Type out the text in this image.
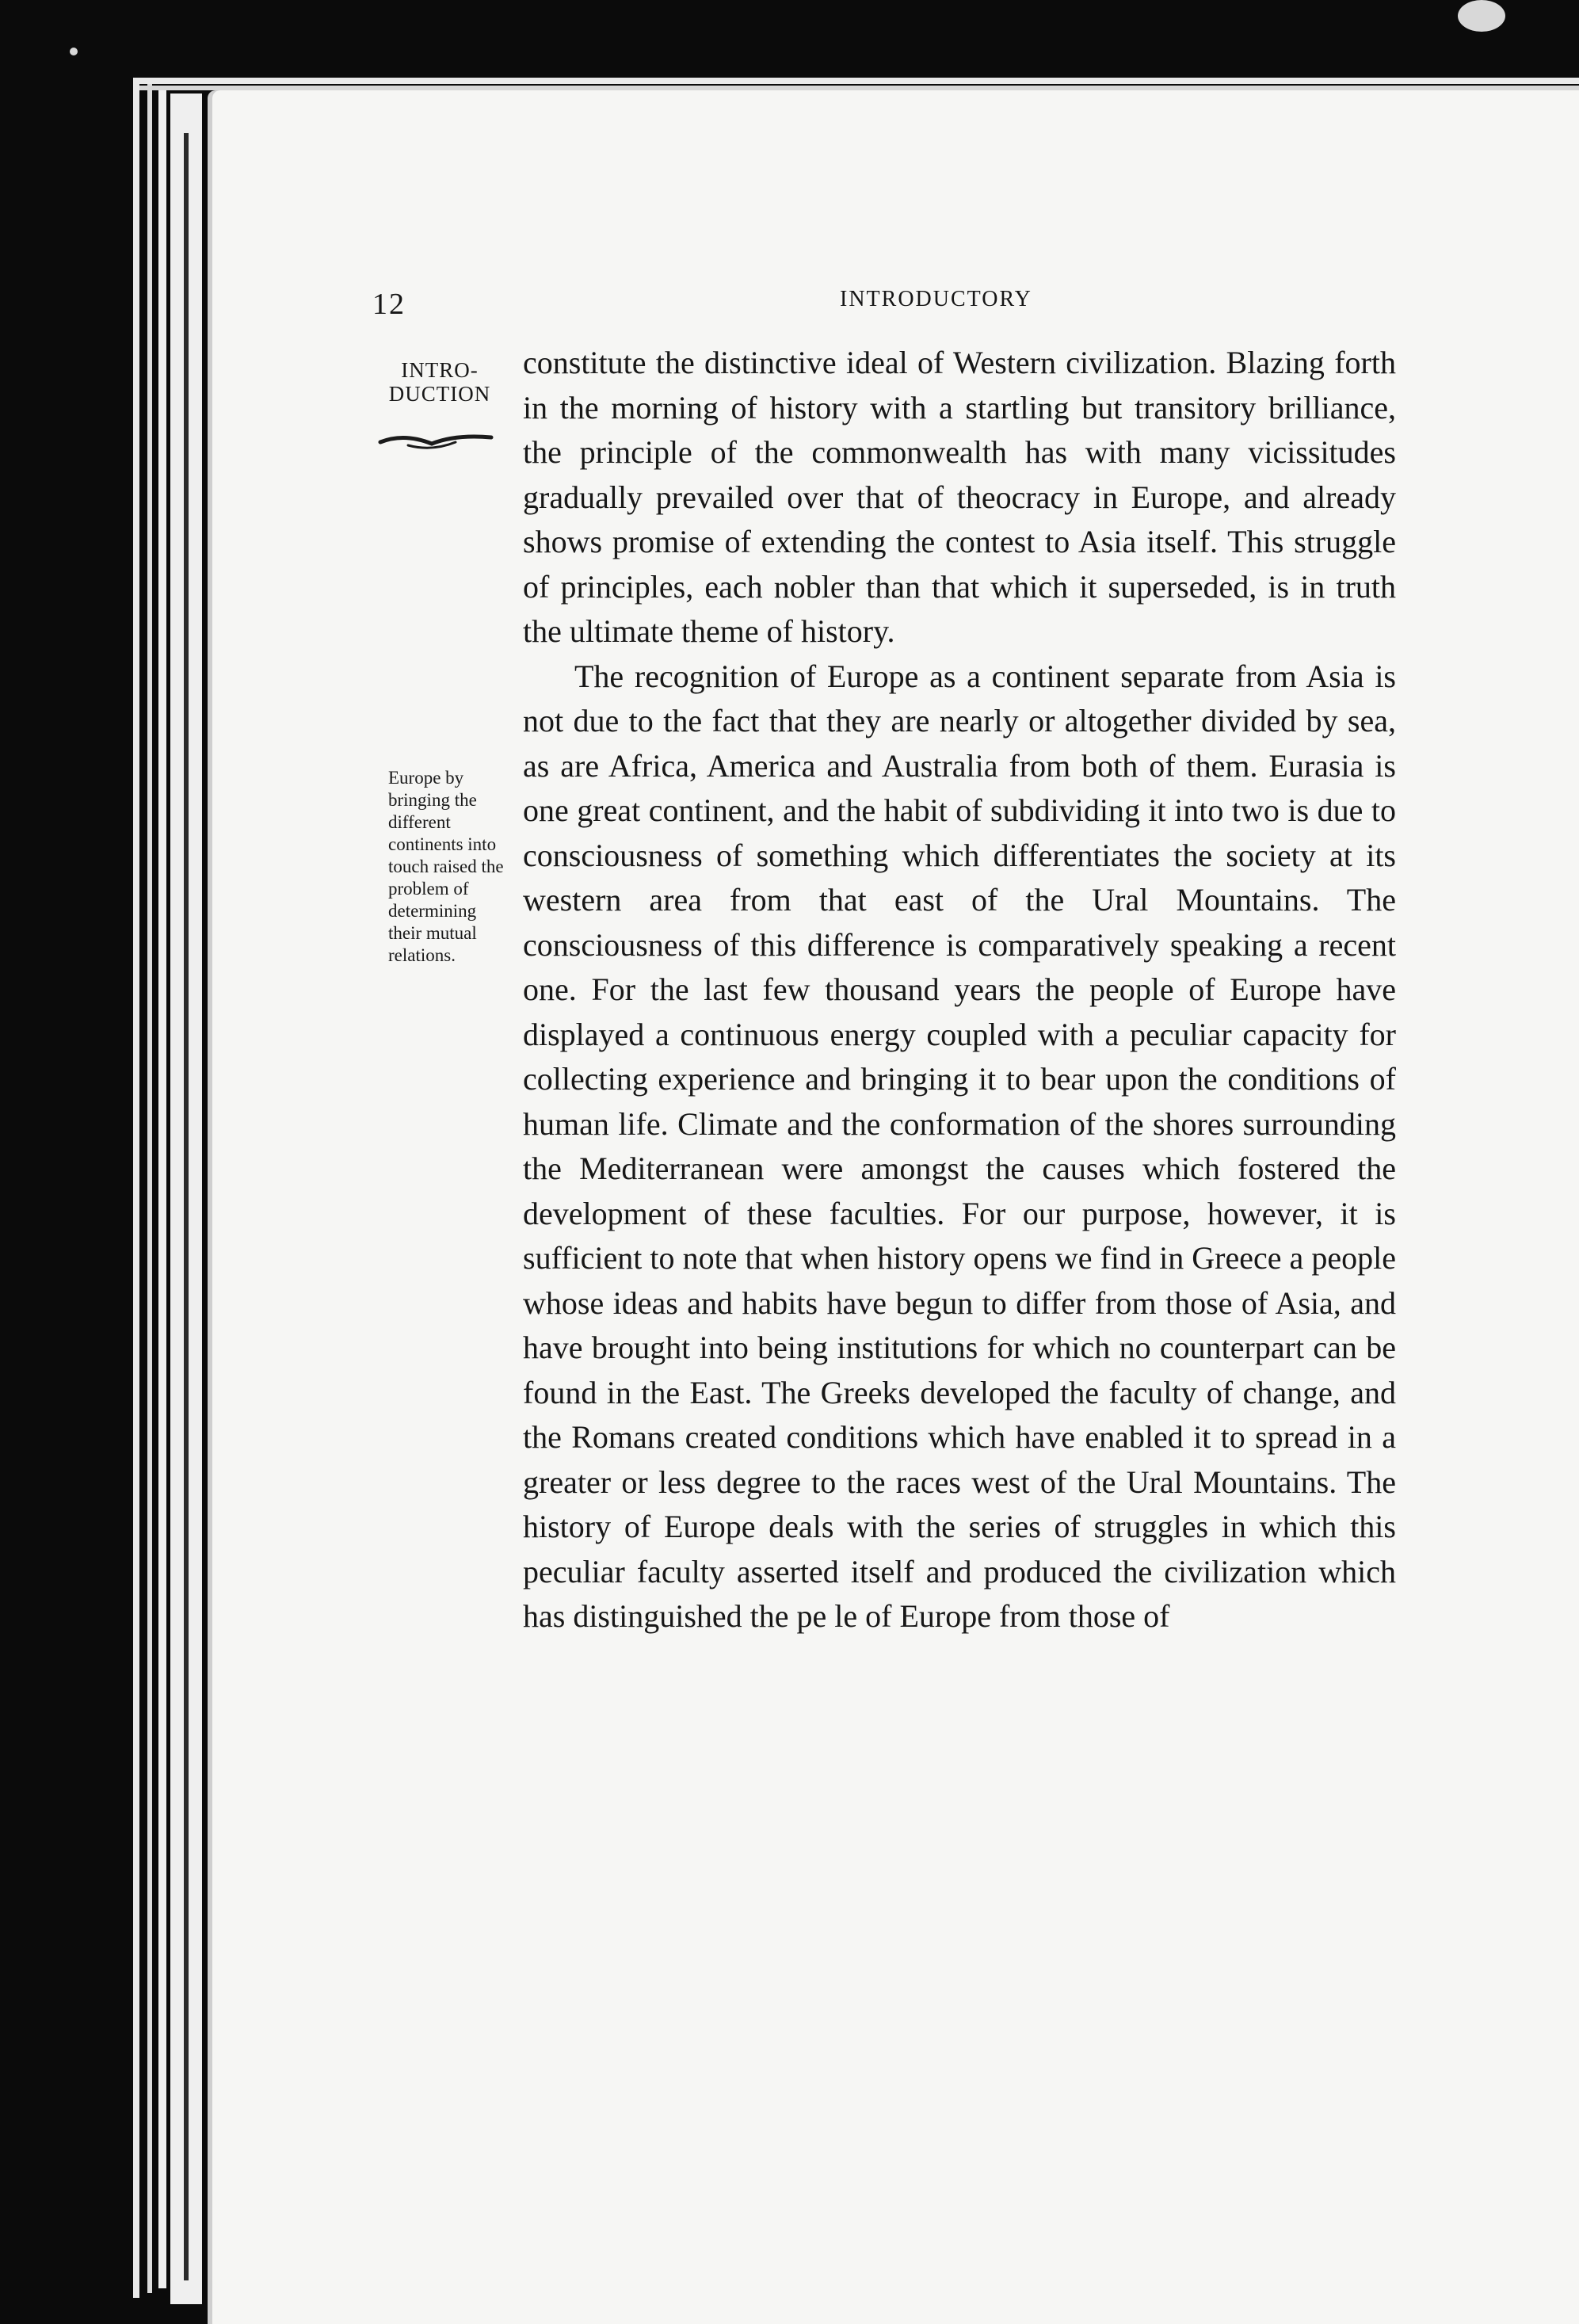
12	INTRODUCTORY
INTRO-
DUCTION
Europe by bringing the different continents into touch raised the problem of determining their mutual relations.

constitute the distinctive ideal of Western civilization. Blazing forth in the morning of history with a startling but transitory brilliance, the principle of the commonwealth has with many vicissitudes gradually prevailed over that of theocracy in Europe, and already shows promise of extending the contest to Asia itself. This struggle of principles, each nobler than that which it superseded, is in truth the ultimate theme of history.

The recognition of Europe as a continent separate from Asia is not due to the fact that they are nearly or altogether divided by sea, as are Africa, America and Australia from both of them. Eurasia is one great continent, and the habit of subdividing it into two is due to consciousness of something which differentiates the society at its western area from that east of the Ural Mountains. The consciousness of this difference is comparatively speaking a recent one. For the last few thousand years the people of Europe have displayed a continuous energy coupled with a peculiar capacity for collecting experience and bringing it to bear upon the conditions of human life. Climate and the conformation of the shores surrounding the Mediterranean were amongst the causes which fostered the development of these faculties. For our purpose, however, it is sufficient to note that when history opens we find in Greece a people whose ideas and habits have begun to differ from those of Asia, and have brought into being institutions for which no counterpart can be found in the East. The Greeks developed the faculty of change, and the Romans created conditions which have enabled it to spread in a greater or less degree to the races west of the Ural Mountains. The history of Europe deals with the series of struggles in which this peculiar faculty asserted itself and produced the civilization which has distinguished the pe le of Europe from those of
